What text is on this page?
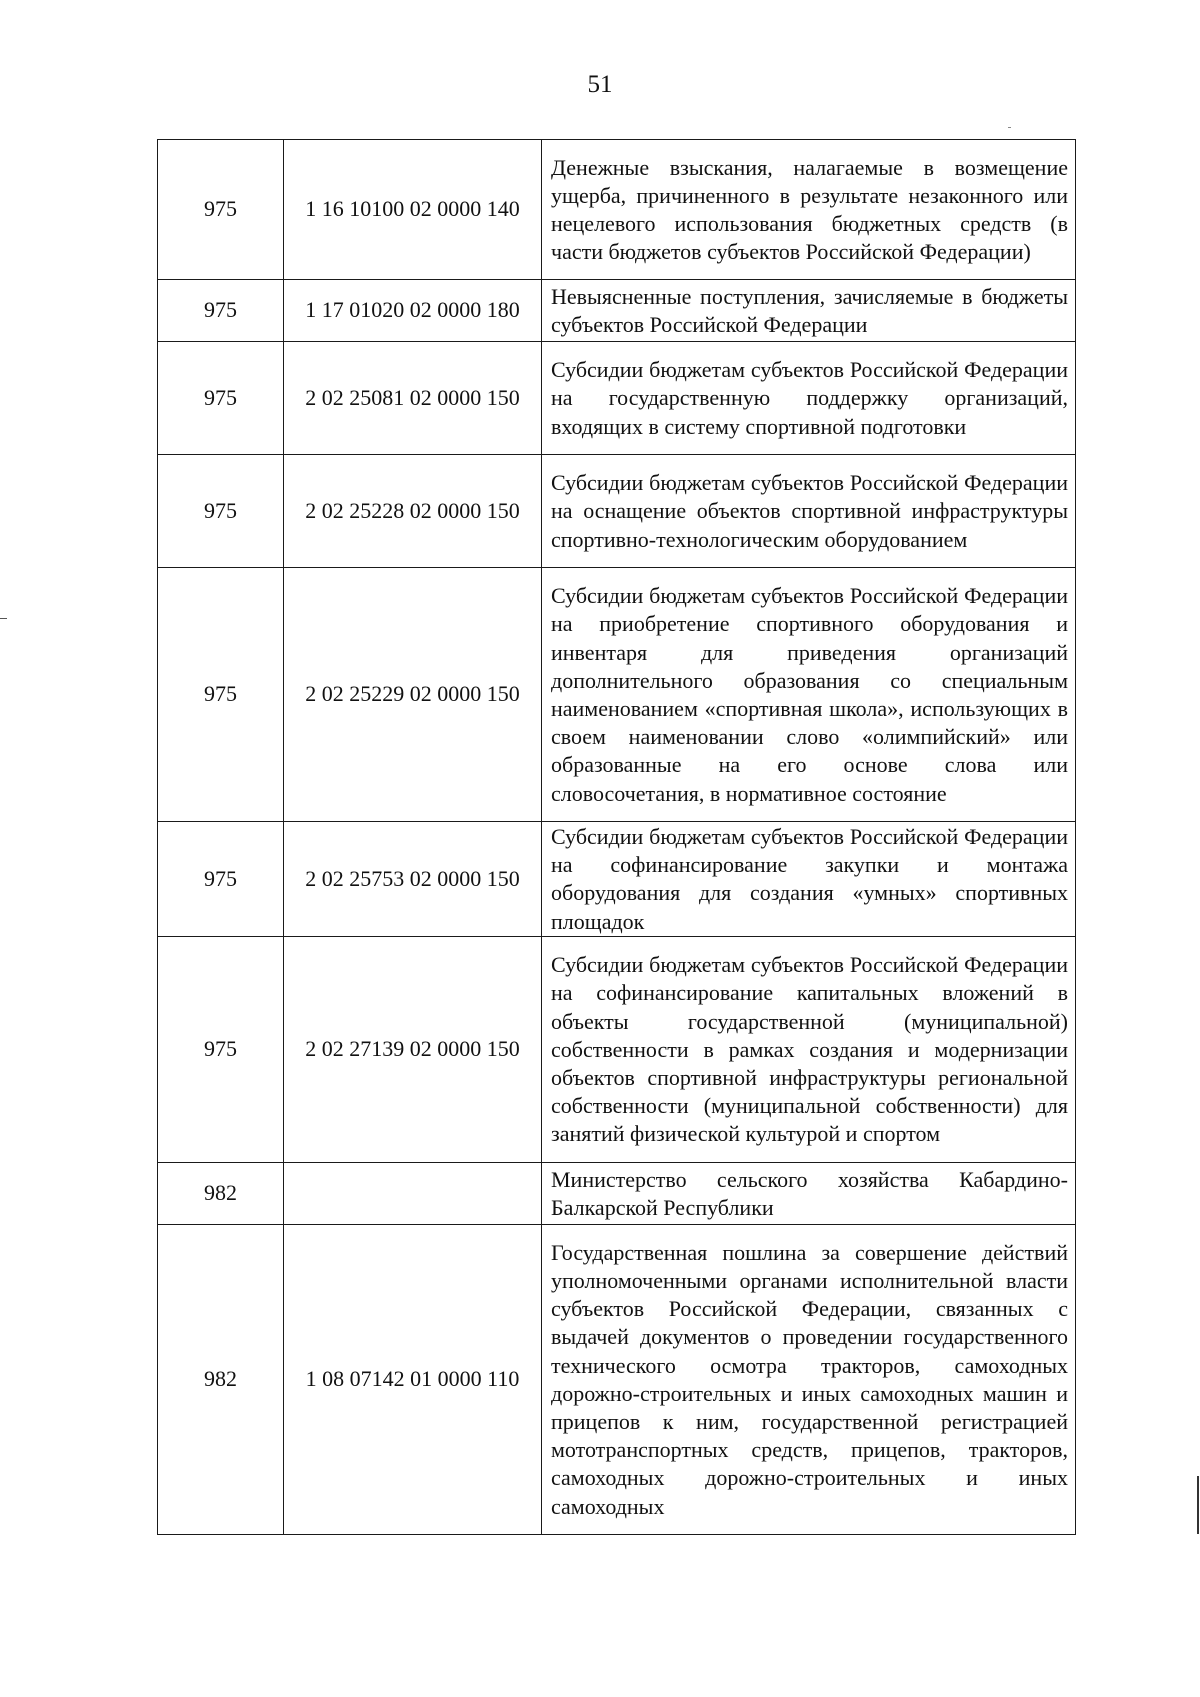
51
975	1 16 10100 02 0000 140	Денежные взыскания, налагаемые в возмещение ущерба, причиненного в результате незаконного или нецелевого использования бюджетных средств (в части бюджетов субъектов Российской Федерации)
975	1 17 01020 02 0000 180	Невыясненные поступления, зачисляемые в бюджеты субъектов Российской Федерации
975	2 02 25081 02 0000 150	Субсидии бюджетам субъектов Российской Федерации на государственную поддержку организаций, входящих в систему спортивной подготовки
975	2 02 25228 02 0000 150	Субсидии бюджетам субъектов Российской Федерации на оснащение объектов спортивной инфраструктуры спортивно-технологическим оборудованием
975	2 02 25229 02 0000 150	Субсидии бюджетам субъектов Российской Федерации на приобретение спортивного оборудования и инвентаря для приведения организаций дополнительного образования со специальным наименованием «спортивная школа», использующих в своем наименовании слово «олимпийский» или образованные на его основе слова или словосочетания, в нормативное состояние
975	2 02 25753 02 0000 150	Субсидии бюджетам субъектов Российской Федерации на софинансирование закупки и монтажа оборудования для создания «умных» спортивных площадок
975	2 02 27139 02 0000 150	Субсидии бюджетам субъектов Российской Федерации на софинансирование капитальных вложений в объекты государственной (муниципальной) собственности в рамках создания и модернизации объектов спортивной инфраструктуры региональной собственности (муниципальной собственности) для занятий физической культурой и спортом
982		Министерство сельского хозяйства Кабардино-Балкарской Республики
982	1 08 07142 01 0000 110	Государственная пошлина за совершение действий уполномоченными органами исполнительной власти субъектов Российской Федерации, связанных с выдачей документов о проведении государственного технического осмотра тракторов, самоходных дорожно-строительных и иных самоходных машин и прицепов к ним, государственной регистрацией мототранспортных средств, прицепов, тракторов, самоходных дорожно-строительных и иных самоходных
